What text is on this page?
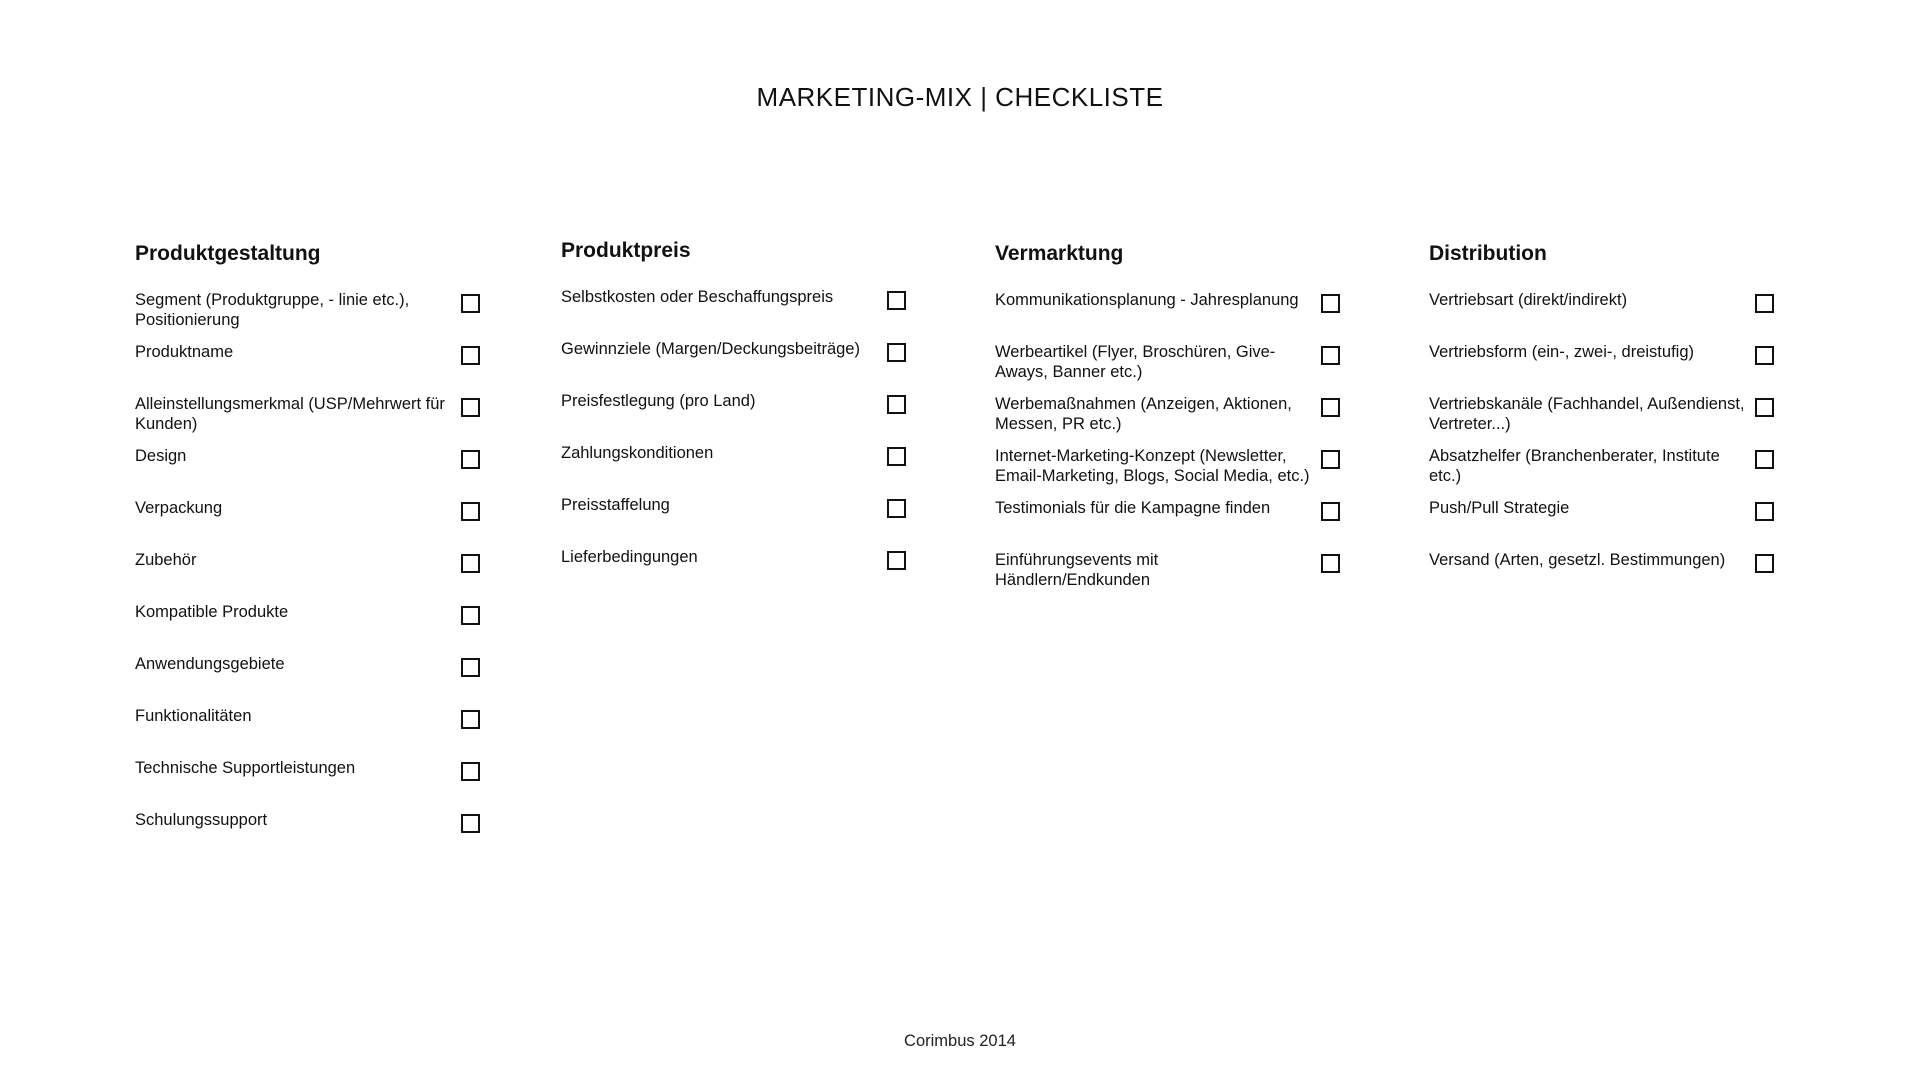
MARKETING-MIX | CHECKLISTE
Produktgestaltung
Segment (Produktgruppe, - linie etc.), Positionierung
Produktname
Alleinstellungsmerkmal (USP/Mehrwert für Kunden)
Design
Verpackung
Zubehör
Kompatible Produkte
Anwendungsgebiete
Funktionalitäten
Technische Supportleistungen
Schulungssupport
Produktpreis
Selbstkosten oder Beschaffungspreis
Gewinnziele (Margen/Deckungsbeiträge)
Preisfestlegung (pro Land)
Zahlungskonditionen
Preisstaffelung
Lieferbedingungen
Vermarktung
Kommunikationsplanung - Jahresplanung
Werbeartikel (Flyer, Broschüren, Give-Aways, Banner etc.)
Werbemaßnahmen (Anzeigen, Aktionen, Messen, PR etc.)
Internet-Marketing-Konzept (Newsletter, Email-Marketing, Blogs, Social Media, etc.)
Testimonials für die Kampagne finden
Einführungsevents mit Händlern/Endkunden
Distribution
Vertriebsart (direkt/indirekt)
Vertriebsform (ein-, zwei-, dreistufig)
Vertriebskanäle (Fachhandel, Außendienst, Vertreter...)
Absatzhelfer (Branchenberater, Institute etc.)
Push/Pull Strategie
Versand (Arten, gesetzl. Bestimmungen)
Corimbus 2014
